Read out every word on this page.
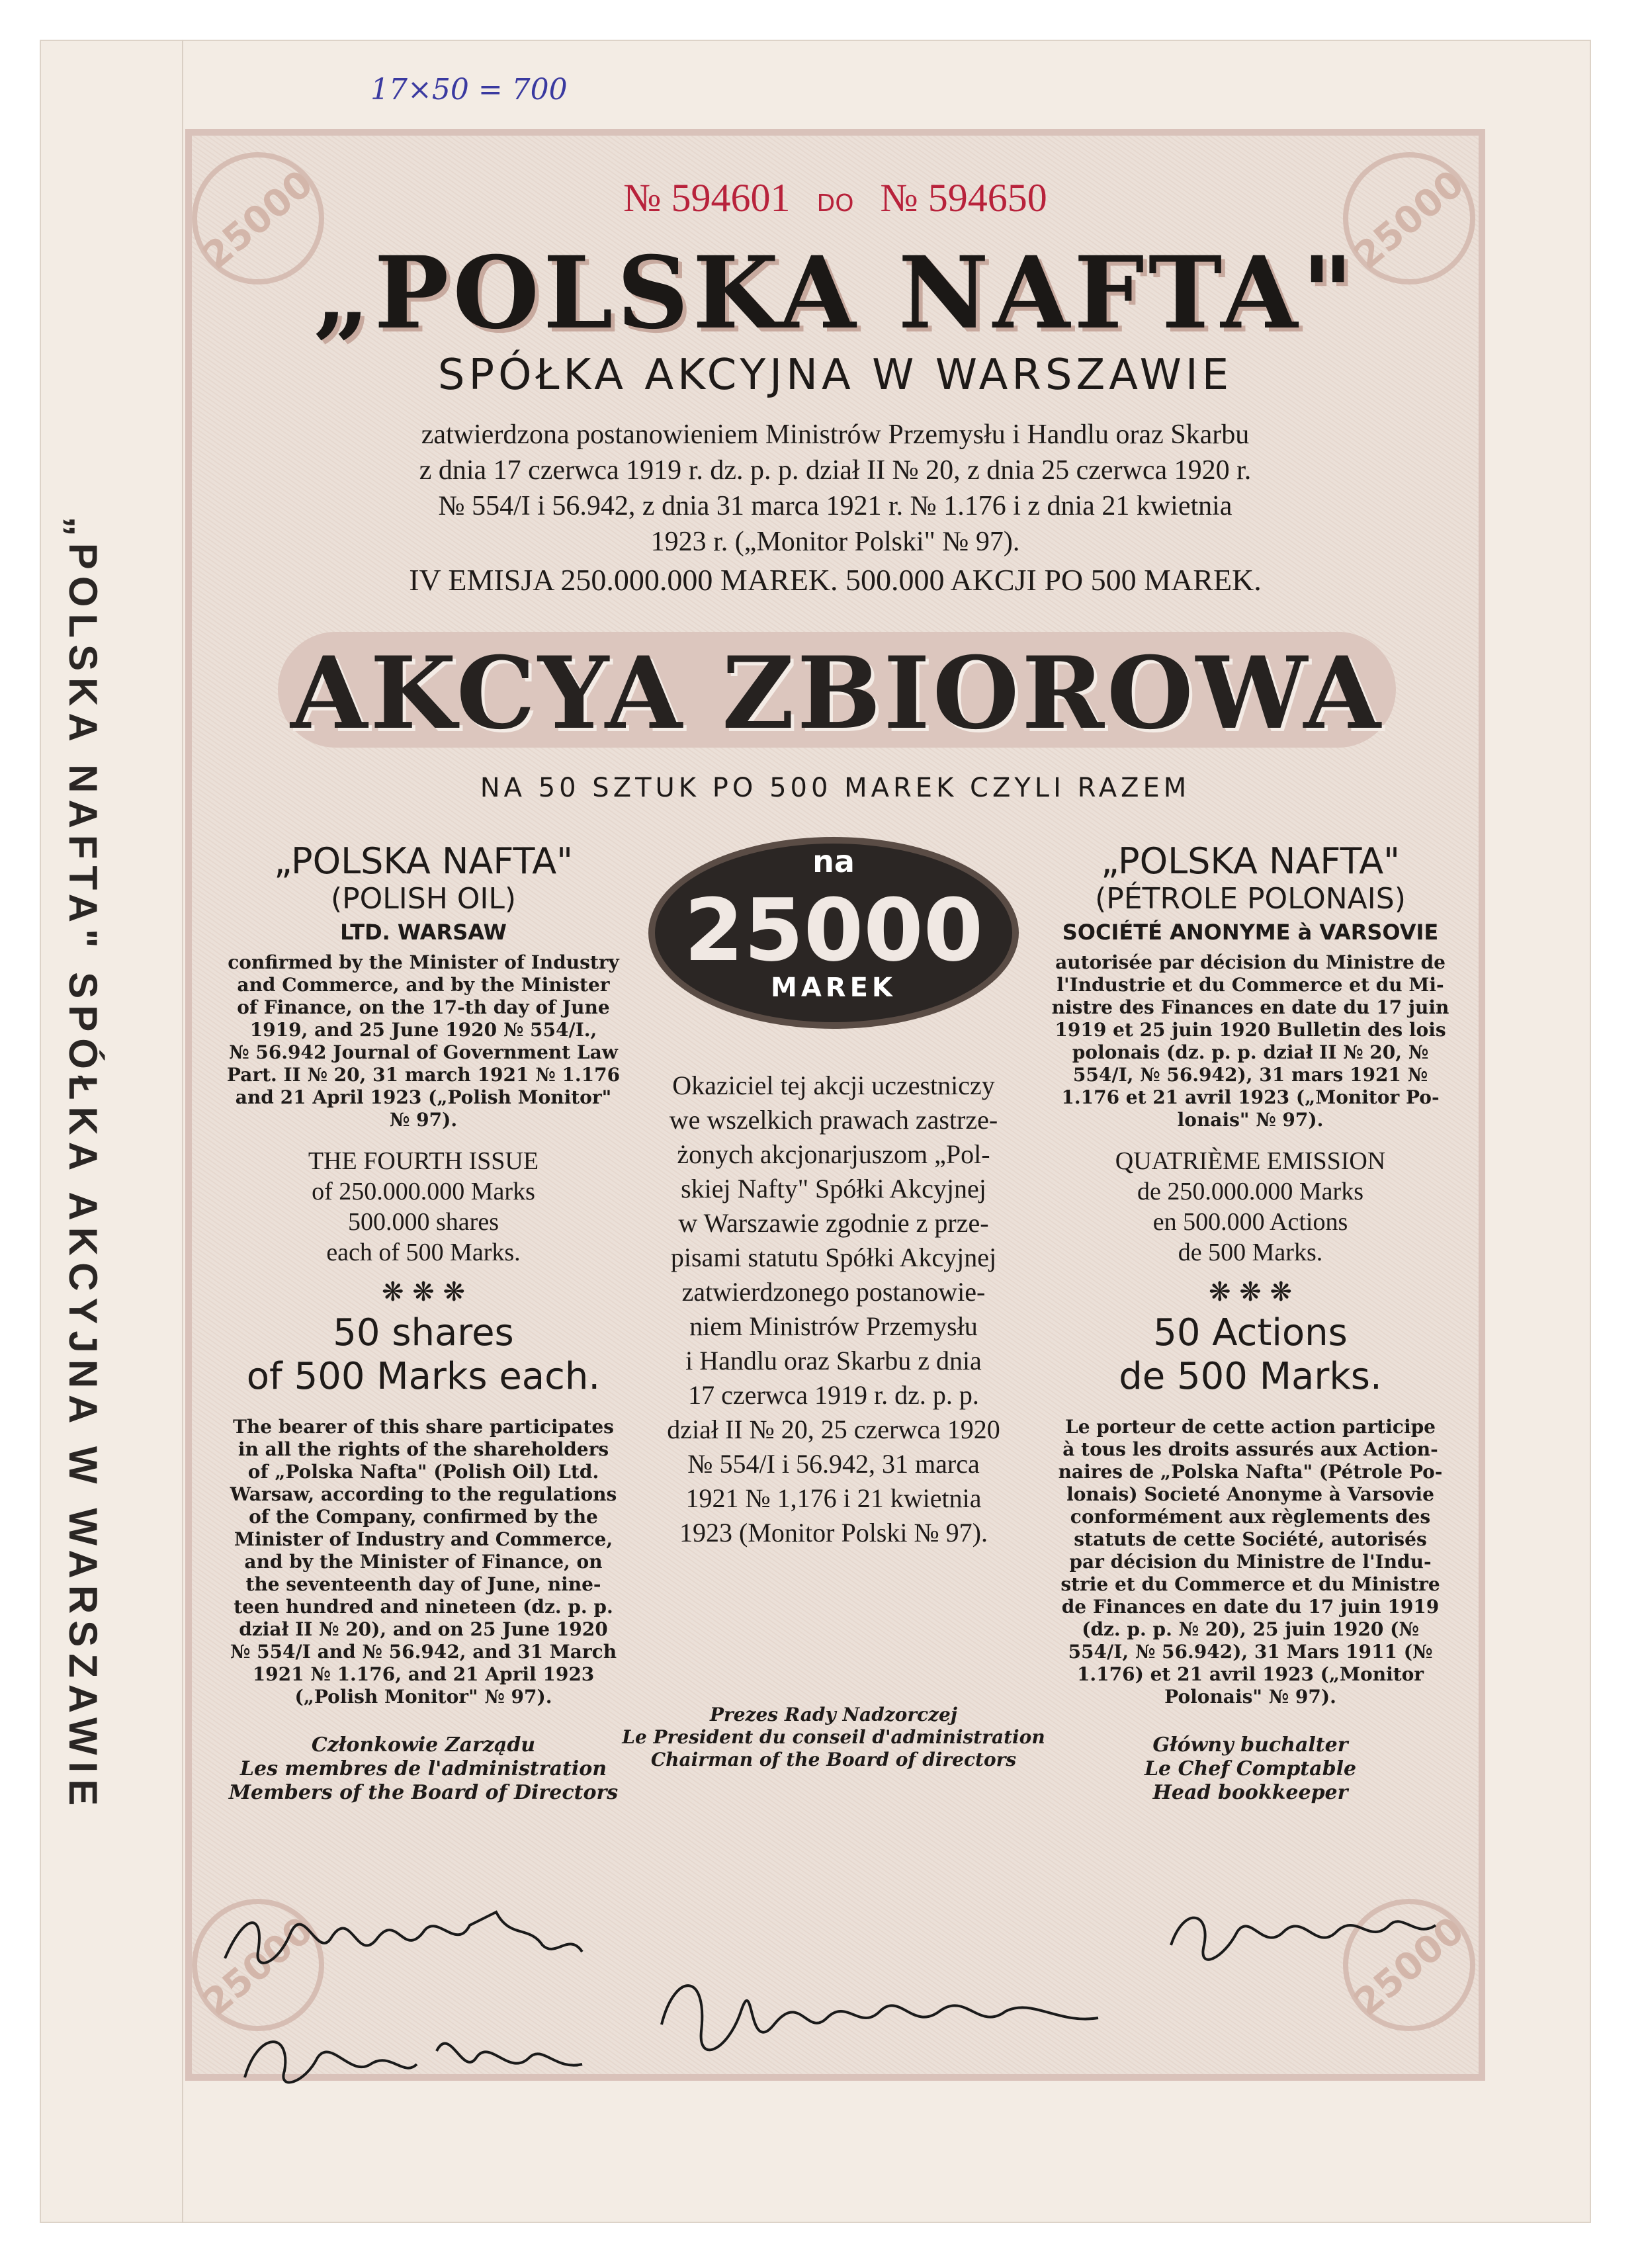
„POLSKA NAFTA" SPÓŁKA AKCYJNA W WARSZAWIE
17×50 = 700
25000	25000
25000	25000
№ 594601 DO № 594650
„POLSKA NAFTA"
SPÓŁKA AKCYJNA W WARSZAWIE
zatwierdzona postanowieniem Ministrów Przemysłu i Handlu oraz Skarbu
z dnia 17 czerwca 1919 r. dz. p. p. dział II № 20, z dnia 25 czerwca 1920 r.
№ 554/I i 56.942, z dnia 31 marca 1921 r. № 1.176 i z dnia 21 kwietnia
1923 r. („Monitor Polski" № 97).
IV EMISJA 250.000.000 MAREK. 500.000 AKCJI PO 500 MAREK.
AKCYA ZBIOROWA
NA 50 SZTUK PO 500 MAREK CZYLI RAZEM
na
25000
MAREK
„POLSKA NAFTA"
(POLISH OIL)
LTD. WARSAW
confirmed by the Minister of Industry
and Commerce, and by the Minister
of Finance, on the 17-th day of June
1919, and 25 June 1920 № 554/I.,
№ 56.942 Journal of Government Law
Part. II № 20, 31 march 1921 № 1.176
and 21 April 1923 („Polish Monitor"
№ 97).
THE FOURTH ISSUE
of 250.000.000 Marks
500.000 shares
each of 500 Marks.
❋ ❋ ❋
50 shares
of 500 Marks each.
The bearer of this share participates
in all the rights of the shareholders
of „Polska Nafta" (Polish Oil) Ltd.
Warsaw, according to the regulations
of the Company, confirmed by the
Minister of Industry and Commerce,
and by the Minister of Finance, on
the seventeenth day of June, nine-
teen hundred and nineteen (dz. p. p.
dział II № 20), and on 25 June 1920
№ 554/I and № 56.942, and 31 March
1921 № 1.176, and 21 April 1923
(„Polish Monitor" № 97).
Członkowie Zarządu
Les membres de l'administration
Members of the Board of Directors
Okaziciel tej akcji uczestniczy
we wszelkich prawach zastrze-
żonych akcjonarjuszom „Pol-
skiej Nafty" Spółki Akcyjnej
w Warszawie zgodnie z prze-
pisami statutu Spółki Akcyjnej
zatwierdzonego postanowie-
niem Ministrów Przemysłu
i Handlu oraz Skarbu z dnia
17 czerwca 1919 r. dz. p. p.
dział II № 20, 25 czerwca 1920
№ 554/I i 56.942, 31 marca
1921 № 1,176 i 21 kwietnia
1923 (Monitor Polski № 97).
Prezes Rady Nadzorczej
Le President du conseil d'administration
Chairman of the Board of directors
„POLSKA NAFTA"
(PÉTROLE POLONAIS)
SOCIÉTÉ ANONYME à VARSOVIE
autorisée par décision du Ministre de
l'Industrie et du Commerce et du Mi-
nistre des Finances en date du 17 juin
1919 et 25 juin 1920 Bulletin des lois
polonais (dz. p. p. dział II № 20, №
554/I, № 56.942), 31 mars 1921 №
1.176 et 21 avril 1923 („Monitor Po-
lonais" № 97).
QUATRIÈME EMISSION
de 250.000.000 Marks
en 500.000 Actions
de 500 Marks.
❋ ❋ ❋
50 Actions
de 500 Marks.
Le porteur de cette action participe
à tous les droits assurés aux Action-
naires de „Polska Nafta" (Pétrole Po-
lonais) Societé Anonyme à Varsovie
conformément aux règlements des
statuts de cette Société, autorisés
par décision du Ministre de l'Indu-
strie et du Commerce et du Ministre
de Finances en date du 17 juin 1919
(dz. p. p. № 20), 25 juin 1920 (№
554/I, № 56.942), 31 Mars 1911 (№
1.176) et 21 avril 1923 („Monitor
Polonais" № 97).
Główny buchalter
Le Chef Comptable
Head bookkeeper
